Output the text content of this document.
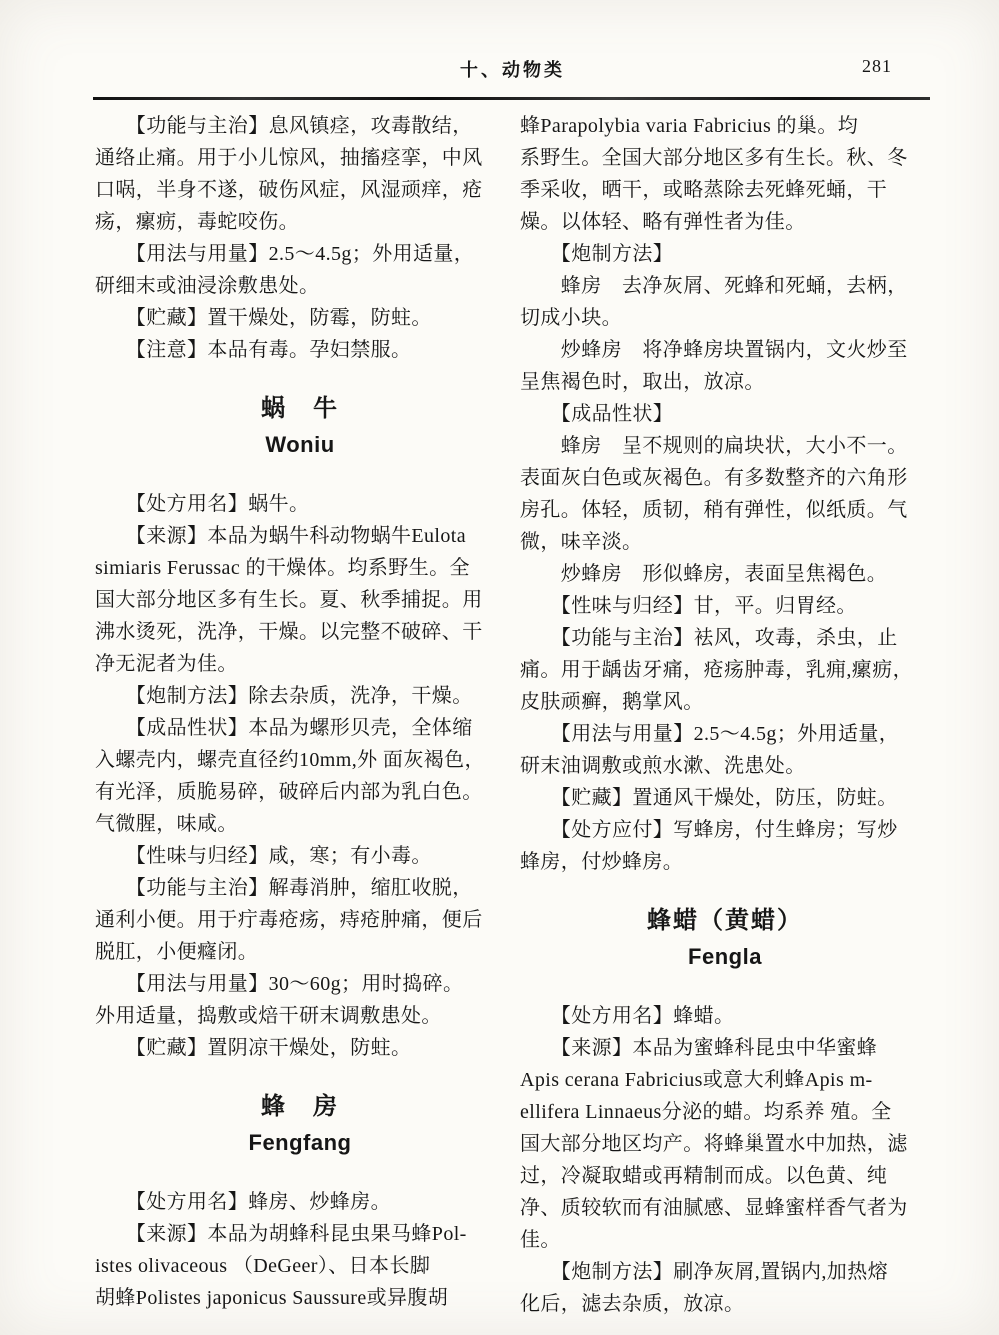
十、动物类	281
　　【功能与主治】息风镇痉，攻毒散结，
通络止痛。用于小儿惊风，抽搐痉挛，中风
口㖞，半身不遂，破伤风症，风湿顽痒，疮
疡，瘰疬，毒蛇咬伤。
　　【用法与用量】2.5～4.5g；外用适量，
研细末或油浸涂敷患处。
　　【贮藏】置干燥处，防霉，防蛀。
　　【注意】本品有毒。孕妇禁服。
蜗　牛
Woniu
　　【处方用名】蜗牛。
　　【来源】本品为蜗牛科动物蜗牛Eulota
simiaris Ferussac 的干燥体。均系野生。全
国大部分地区多有生长。夏、秋季捕捉。用
沸水烫死，洗净，干燥。以完整不破碎、干
净无泥者为佳。
　　【炮制方法】除去杂质，洗净，干燥。
　　【成品性状】本品为螺形贝壳，全体缩
入螺壳内，螺壳直径约10mm,外 面灰褐色，
有光泽，质脆易碎，破碎后内部为乳白色。
气微腥，味咸。
　　【性味与归经】咸，寒；有小毒。
　　【功能与主治】解毒消肿，缩肛收脱，
通利小便。用于疔毒疮疡，痔疮肿痛，便后
脱肛，小便癃闭。
　　【用法与用量】30～60g；用时捣碎。
外用适量，捣敷或焙干研末调敷患处。
　　【贮藏】置阴凉干燥处，防蛀。
蜂　房
Fengfang
　　【处方用名】蜂房、炒蜂房。
　　【来源】本品为胡蜂科昆虫果马蜂Pol-
istes olivaceous （DeGeer）、日本长脚
胡蜂Polistes japonicus Saussure或异腹胡
蜂Parapolybia varia Fabricius 的巢。均
系野生。全国大部分地区多有生长。秋、冬
季采收，晒干，或略蒸除去死蜂死蛹，干
燥。以体轻、略有弹性者为佳。
　　【炮制方法】
　　蜂房　去净灰屑、死蜂和死蛹，去柄，
切成小块。
　　炒蜂房　将净蜂房块置锅内，文火炒至
呈焦褐色时，取出，放凉。
　　【成品性状】
　　蜂房　呈不规则的扁块状，大小不一。
表面灰白色或灰褐色。有多数整齐的六角形
房孔。体轻，质韧，稍有弹性，似纸质。气
微，味辛淡。
　　炒蜂房　形似蜂房，表面呈焦褐色。
　　【性味与归经】甘，平。归胃经。
　　【功能与主治】袪风，攻毒，杀虫，止
痛。用于龋齿牙痛，疮疡肿毒，乳痈,瘰疬，
皮肤顽癣，鹅掌风。
　　【用法与用量】2.5～4.5g；外用适量，
研末油调敷或煎水漱、洗患处。
　　【贮藏】置通风干燥处，防压，防蛀。
　　【处方应付】写蜂房，付生蜂房；写炒
蜂房，付炒蜂房。
蜂蜡（黄蜡）
Fengla
　　【处方用名】蜂蜡。
　　【来源】本品为蜜蜂科昆虫中华蜜蜂
Apis cerana Fabricius或意大利蜂Apis m-
ellifera Linnaeus分泌的蜡。均系养 殖。全
国大部分地区均产。将蜂巢置水中加热，滤
过，冷凝取蜡或再精制而成。以色黄、纯
净、质较软而有油腻感、显蜂蜜样香气者为
佳。
　　【炮制方法】刷净灰屑,置锅内,加热熔
化后，滤去杂质，放凉。
